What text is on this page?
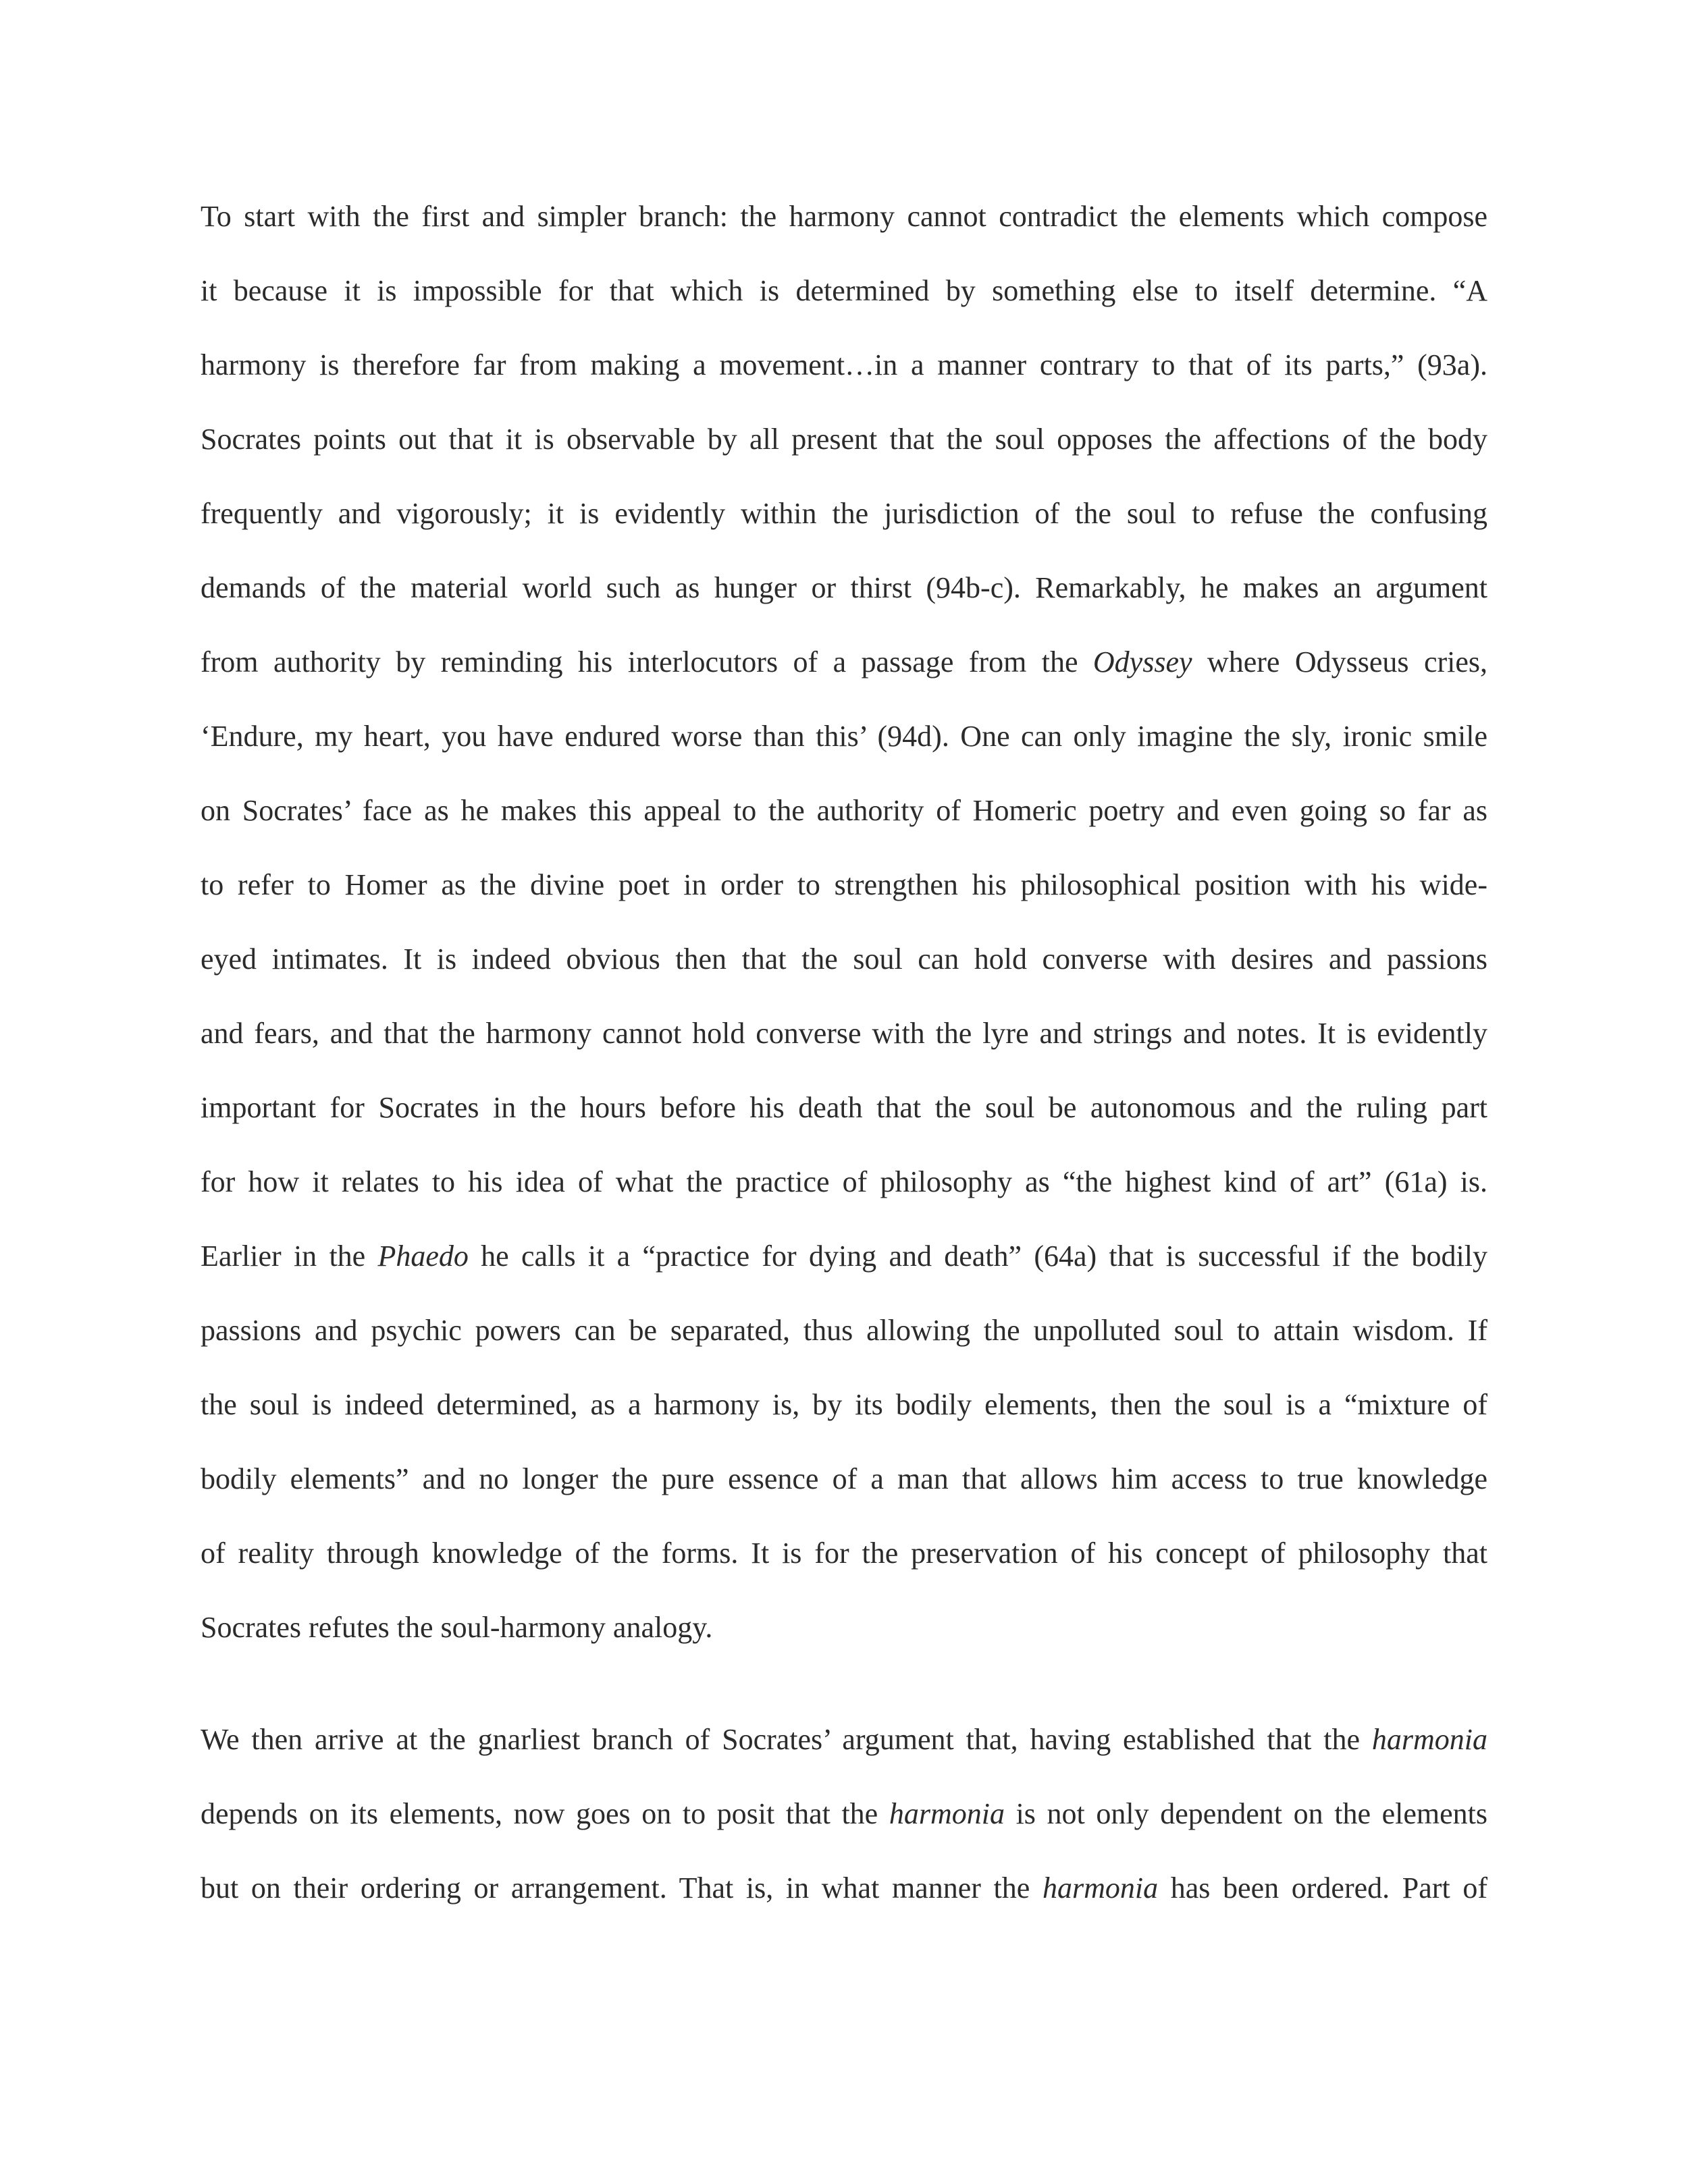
To start with the first and simpler branch: the harmony cannot contradict the elements which compose
it because it is impossible for that which is determined by something else to itself determine. “A
harmony is therefore far from making a movement…in a manner contrary to that of its parts,” (93a).
Socrates points out that it is observable by all present that the soul opposes the affections of the body
frequently and vigorously; it is evidently within the jurisdiction of the soul to refuse the confusing
demands of the material world such as hunger or thirst (94b-c). Remarkably, he makes an argument
from authority by reminding his interlocutors of a passage from the Odyssey where Odysseus cries,
‘Endure, my heart, you have endured worse than this’ (94d). One can only imagine the sly, ironic smile
on Socrates’ face as he makes this appeal to the authority of Homeric poetry and even going so far as
to refer to Homer as the divine poet in order to strengthen his philosophical position with his wide-
eyed intimates. It is indeed obvious then that the soul can hold converse with desires and passions
and fears, and that the harmony cannot hold converse with the lyre and strings and notes. It is evidently
important for Socrates in the hours before his death that the soul be autonomous and the ruling part
for how it relates to his idea of what the practice of philosophy as “the highest kind of art” (61a) is.
Earlier in the Phaedo he calls it a “practice for dying and death” (64a) that is successful if the bodily
passions and psychic powers can be separated, thus allowing the unpolluted soul to attain wisdom. If
the soul is indeed determined, as a harmony is, by its bodily elements, then the soul is a “mixture of
bodily elements” and no longer the pure essence of a man that allows him access to true knowledge
of reality through knowledge of the forms. It is for the preservation of his concept of philosophy that
Socrates refutes the soul-harmony analogy.
We then arrive at the gnarliest branch of Socrates’ argument that, having established that the harmonia
depends on its elements, now goes on to posit that the harmonia is not only dependent on the elements
but on their ordering or arrangement. That is, in what manner the harmonia has been ordered. Part of
